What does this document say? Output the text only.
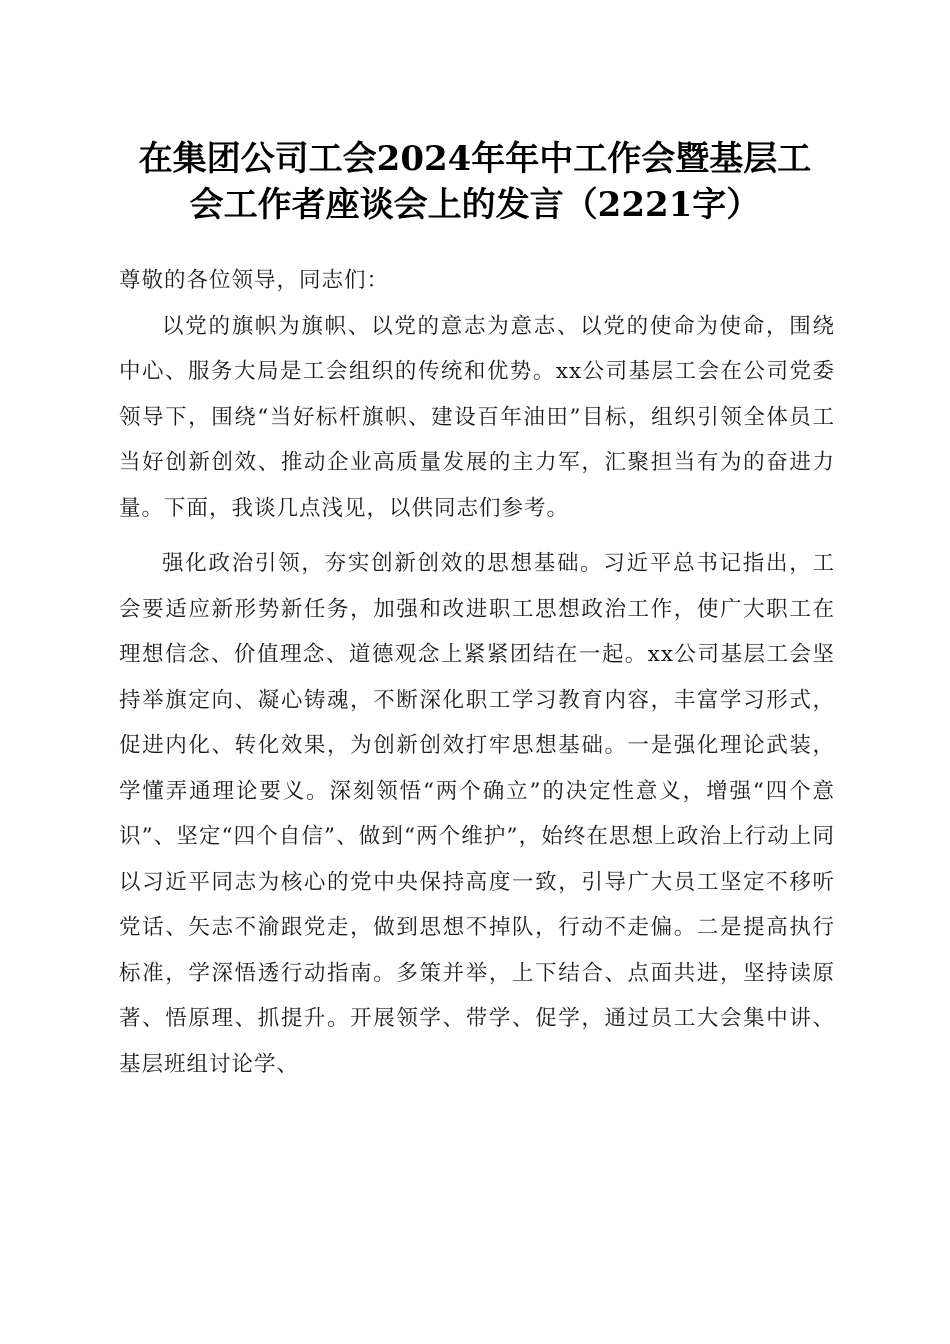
在集团公司工会2024年年中工作会暨基层工
会工作者座谈会上的发言（2221字）

尊敬的各位领导，同志们：

以党的旗帜为旗帜、以党的意志为意志、以党的使命为使命，围绕中心、服务大局是工会组织的传统和优势。xx公司基层工会在公司党委领导下，围绕“当好标杆旗帜、建设百年油田”目标，组织引领全体员工当好创新创效、推动企业高质量发展的主力军，汇聚担当有为的奋进力量。下面，我谈几点浅见，以供同志们参考。

强化政治引领，夯实创新创效的思想基础。习近平总书记指出，工会要适应新形势新任务，加强和改进职工思想政治工作，使广大职工在理想信念、价值理念、道德观念上紧紧团结在一起。xx公司基层工会坚持举旗定向、凝心铸魂，不断深化职工学习教育内容，丰富学习形式，促进内化、转化效果，为创新创效打牢思想基础。一是强化理论武装，学懂弄通理论要义。深刻领悟“两个确立”的决定性意义，增强“四个意识”、坚定“四个自信”、做到“两个维护”，始终在思想上政治上行动上同以习近平同志为核心的党中央保持高度一致，引导广大员工坚定不移听党话、矢志不渝跟党走，做到思想不掉队，行动不走偏。二是提高执行标准，学深悟透行动指南。多策并举，上下结合、点面共进，坚持读原著、悟原理、抓提升。开展领学、带学、促学，通过员工大会集中讲、基层班组讨论学、
